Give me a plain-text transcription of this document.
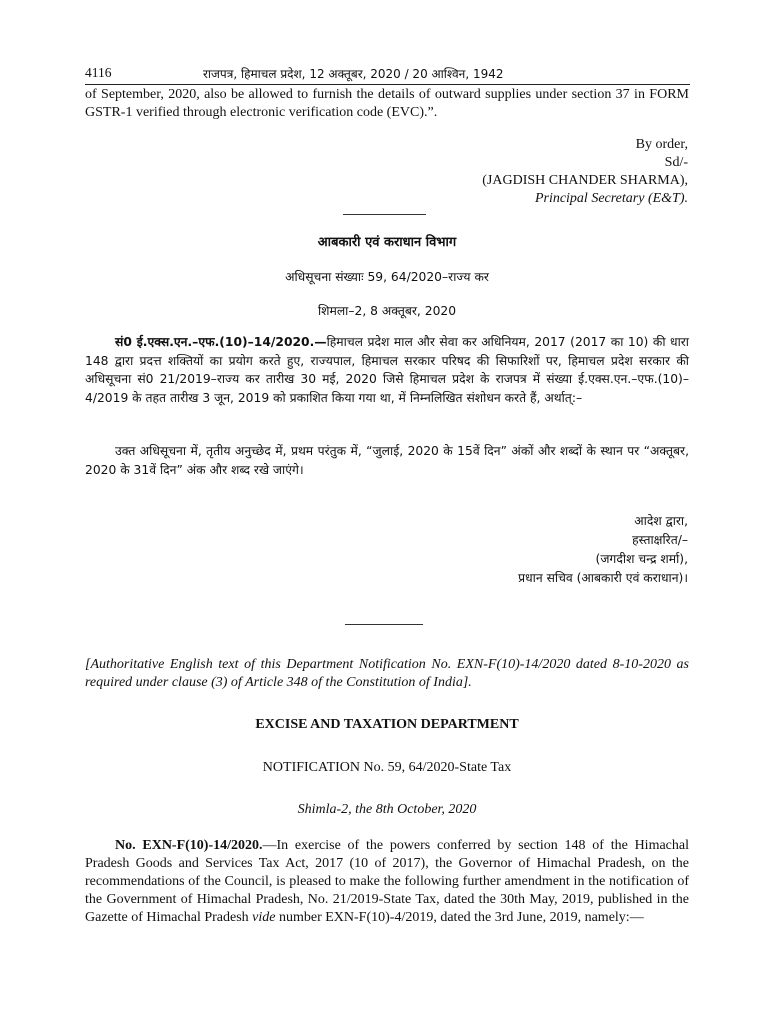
4116	राजपत्र, हिमाचल प्रदेश, 12 अक्तूबर, 2020 / 20 आश्विन, 1942

of September, 2020, also be allowed to furnish the details of outward supplies under section 37 in FORM GSTR-1 verified through electronic verification code (EVC).”.

By order,
Sd/-
(JAGDISH CHANDER SHARMA),
Principal Secretary (E&T).
आबकारी एवं कराधान विभाग
अधिसूचना संख्याः 59, 64/2020–राज्य कर
शिमला–2, 8 अक्तूबर, 2020

सं0 ई.एक्स.एन.–एफ.(10)–14/2020.—हिमाचल प्रदेश माल और सेवा कर अधिनियम, 2017 (2017 का 10) की धारा 148 द्वारा प्रदत्त शक्तियों का प्रयोग करते हुए, राज्यपाल, हिमाचल सरकार परिषद की सिफारिशों पर, हिमाचल प्रदेश सरकार की अधिसूचना सं0 21/2019–राज्य कर तारीख 30 मई, 2020 जिसे हिमाचल प्रदेश के राजपत्र में संख्या ई.एक्स.एन.–एफ.(10)–4/2019 के तहत तारीख 3 जून, 2019 को प्रकाशित किया गया था, में निम्नलिखित संशोधन करते हैं, अर्थात्:–

उक्त अधिसूचना में, तृतीय अनुच्छेद में, प्रथम परंतुक में, “जुलाई, 2020 के 15वें दिन” अंकों और शब्दों के स्थान पर “अक्तूबर, 2020 के 31वें दिन” अंक और शब्द रखे जाएंगे।

आदेश द्वारा,
हस्ताक्षरित/–
(जगदीश चन्द्र शर्मा),
प्रधान सचिव (आबकारी एवं कराधान)।

[Authoritative English text of this Department Notification No. EXN-F(10)-14/2020 dated 8-10-2020 as required under clause (3) of Article 348 of the Constitution of India].

EXCISE AND TAXATION DEPARTMENT
NOTIFICATION No. 59, 64/2020-State Tax
Shimla-2, the 8th October, 2020

No. EXN-F(10)-14/2020.—In exercise of the powers conferred by section 148 of the Himachal Pradesh Goods and Services Tax Act, 2017 (10 of 2017), the Governor of Himachal Pradesh, on the recommendations of the Council, is pleased to make the following further amendment in the notification of the Government of Himachal Pradesh, No. 21/2019-State Tax, dated the 30th May, 2019, published in the Gazette of Himachal Pradesh vide number EXN-F(10)-4/2019, dated the 3rd June, 2019, namely:—
